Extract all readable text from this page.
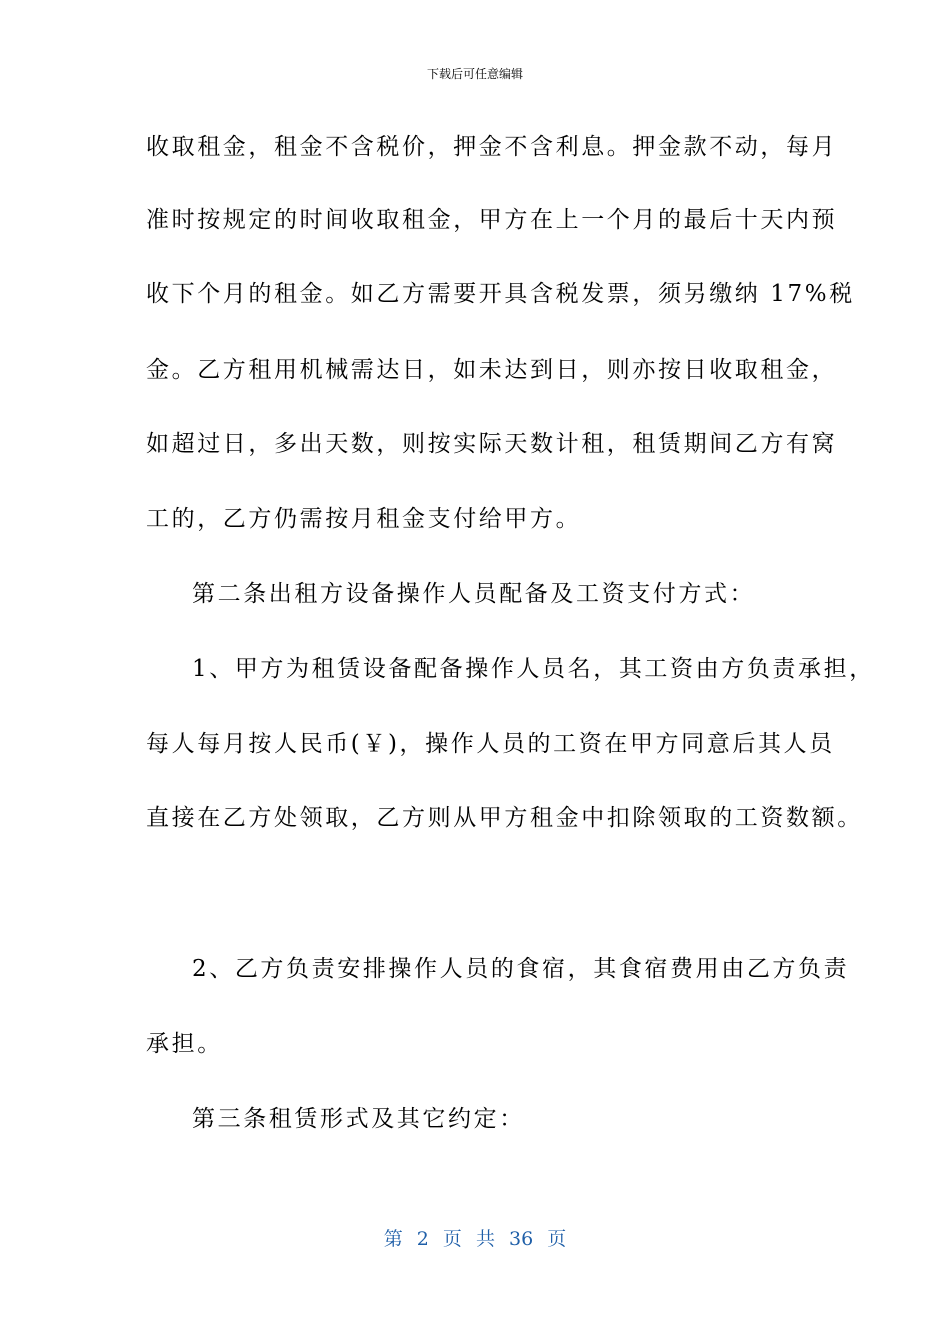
下载后可任意编辑
收取租金，租金不含税价，押金不含利息。押金款不动，每月
准时按规定的时间收取租金，甲方在上一个月的最后十天内预
收下个月的租金。如乙方需要开具含税发票，须另缴纳 17%税
金。乙方租用机械需达日，如未达到日，则亦按日收取租金，
如超过日，多出天数，则按实际天数计租，租赁期间乙方有窝
工的，乙方仍需按月租金支付给甲方。
第二条出租方设备操作人员配备及工资支付方式：
1、甲方为租赁设备配备操作人员名，其工资由方负责承担，
每人每月按人民币(￥)，操作人员的工资在甲方同意后其人员
直接在乙方处领取，乙方则从甲方租金中扣除领取的工资数额。
2、乙方负责安排操作人员的食宿，其食宿费用由乙方负责
承担。
第三条租赁形式及其它约定：
第 2 页 共 36 页
